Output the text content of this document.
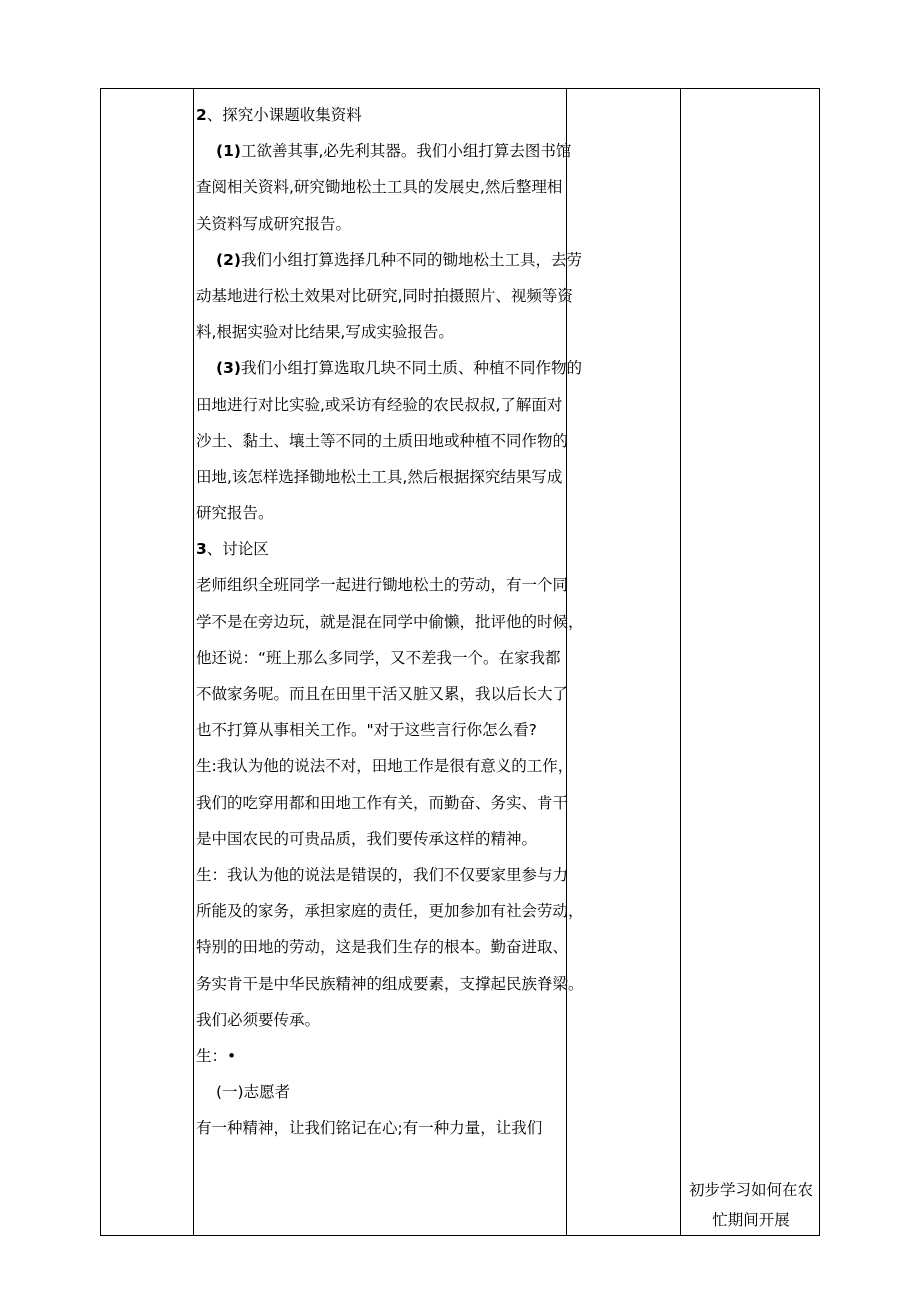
2、探究小课题收集资料
(1)工欲善其事,必先利其器。我们小组打算去图书馆
查阅相关资料,研究锄地松土工具的发展史,然后整理相
关资料写成研究报告。
(2)我们小组打算选择几种不同的锄地松土工具，去劳
动基地进行松土效果对比研究,同时拍摄照片、视频等资
料,根据实验对比结果,写成实验报告。
(3)我们小组打算选取几块不同土质、种植不同作物的
田地进行对比实验,或采访有经验的农民叔叔,了解面对
沙土、黏土、壤土等不同的土质田地或种植不同作物的
田地,该怎样选择锄地松土工具,然后根据探究结果写成
研究报告。
3、讨论区
老师组织全班同学一起进行锄地松土的劳动，有一个同
学不是在旁边玩，就是混在同学中偷懒，批评他的时候，
他还说：“班上那么多同学，又不差我一个。在家我都
不做家务呢。而且在田里干活又脏又累，我以后长大了
也不打算从事相关工作。"对于这些言行你怎么看?
生:我认为他的说法不对，田地工作是很有意义的工作，
我们的吃穿用都和田地工作有关，而勤奋、务实、肯干
是中国农民的可贵品质，我们要传承这样的精神。
生：我认为他的说法是错误的，我们不仅要家里参与力
所能及的家务，承担家庭的责任，更加参加有社会劳动，
特别的田地的劳动，这是我们生存的根本。勤奋进取、
务实肯干是中华民族精神的组成要素，支撑起民族脊梁。
我们必须要传承。
生：•
(一)志愿者
有一种精神，让我们铭记在心;有一种力量，让我们
初步学习如何在农
忙期间开展
